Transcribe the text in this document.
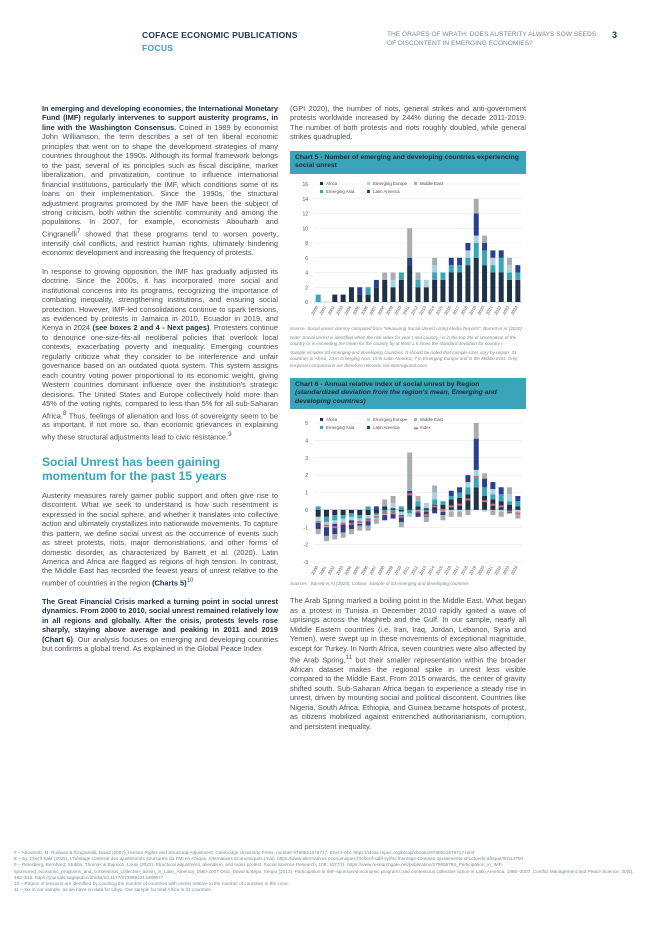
COFACE ECONOMIC PUBLICATIONS
FOCUS
THE GRAPES OF WRATH: DOES AUSTERITY ALWAYS SOW SEEDS OF DISCONTENT IN EMERGING ECONOMIES?
3

In emerging and developing economies, the International Monetary Fund (IMF) regularly intervenes to support austerity programs, in line with the Washington Consensus. Coined in 1989 by economist John Williamson, the term describes a set of ten liberal economic principles that went on to shape the development strategies of many countries throughout the 1990s. Although its formal framework belongs to the past, several of its principles such as fiscal discipline, market liberalization, and privatization, continue to influence international financial institutions, particularly the IMF, which conditions some of its loans on their implementation. Since the 1990s, the structural adjustment programs promoted by the IMF have been the subject of strong criticism, both within the scientific community and among the populations. In 2007, for example, economists Abouharb and Cingranelli$^7$ showed that these programs tend to worsen poverty, intensify civil conflicts, and restrict human rights, ultimately hindering economic development and increasing the frequency of protests.

In response to growing opposition, the IMF has gradually adjusted its doctrine. Since the 2000s, it has incorporated more social and institutional concerns into its programs, recognizing the importance of combating inequality, strengthening institutions, and ensuring social protection. However, IMF-led consolidations continue to spark tensions, as evidenced by protests in Jamaica in 2010, Ecuador in 2019, and Kenya in 2024 (see boxes 2 and 4 - Next pages). Protesters continue to denounce one-size-fits-all neoliberal policies that overlook local contexts, exacerbating poverty and inequality. Emerging countries regularly criticize what they consider to be interference and unfair governance based on an outdated quota system. This system assigns each country voting power proportional to its economic weight, giving Western countries dominant influence over the institution's strategic decisions. The United States and Europe collectively hold more than 45% of the voting rights, compared to less than 5% for all sub-Saharan Africa.$^8$ Thus, feelings of alienation and loss of sovereignty seem to be as important, if not more so, than economic grievances in explaining why these structural adjustments lead to civic resistance.$^9$

Social Unrest has been gaining momentum for the past 15 years

Austerity measures rarely garner public support and often give rise to discontent. What we seek to understand is how such resentment is expressed in the social sphere, and whether it translates into collective action and ultimately crystallizes into nationwide movements. To capture this pattern, we define social unrest as the occurrence of events such as street protests, riots, major demonstrations, and other forms of domestic disorder, as characterized by Barrett et al. (2020). Latin America and Africa are flagged as regions of high tension. In contrast, the Middle East has recorded the fewest years of unrest relative to the number of countries in the region (Charts 5)$^{10}$

The Great Financial Crisis marked a turning point in social unrest dynamics. From 2000 to 2010, social unrest remained relatively low in all regions and globally. After the crisis, protests levels rose sharply, staying above average and peaking in 2011 and 2019 (Chart 6). Our analysis focuses on emerging and developing countries but confirms a global trend. As explained in the Global Peace Index

(GPI 2020), the number of riots, general strikes and anti-government protests worldwide increased by 244% during the decade 2011-2019. The number of both protests and riots roughly doubled, while general strikes quadrupled.

Chart 5 - Number of emerging and developing countries experiencing social unrest
0
2
4
6
8
10
12
14
16
2000 2001 2002 2003 2004 2005 2006 2007 2008 2009 2010 2011 2012 2013 2014 2015 2016 2017 2018 2019 2020 2021 2022 2023 2024
Africa	Emerging Europe	Middle East
Emerging Asia	Latin America

Source: Social unrest dummy computed from "Measuring Social Unrest Using Media Reports", Barrett et Al (2020)

Note: Social unrest is identified when the risk index for year t and country i is in the top 2% of observation of the country or is exceeding the mean for the country by at least 1.5 times the standard deviation for country i.

Sample includes 83 emerging and developing countries. It should be noted that sample sizes vary by region: 31 countries in Africa, 23 in Emerging Asia, 15 in Latin America, 7 in Emerging Europe and in the Middle East. Only temporal comparisons are therefore relevant, not interregional ones.

Chart 6 - Annual relative index of social unrest by Region (standardized deviation from the region's mean, Emerging and developing countries)
-3
-2
-1
0
1
2
3
4
5
2000 2001 2002 2003 2004 2005 2006 2007 2008 2009 2010 2011 2012 2013 2014 2015 2016 2017 2018 2019 2020 2021 2022 2023 2024
Africa	Emerging Europe	Middle East
Emerging Asia	Latin America	Index

Sources : Barrett et Al (2020), Coface. Sample of 83 emerging and developing countries

The Arab Spring marked a boiling point in the Middle East. What began as a protest in Tunisia in December 2010 rapidly ignited a wave of uprisings across the Maghreb and the Gulf. In our sample, nearly all Middle Eastern countries (i.e. Iran, Iraq, Jordan, Lebanon, Syria and Yemen), were swept up in these movements of exceptional magnitude, except for Turkey. In North Africa, seven countries were also affected by the Arab Spring,$^{11}$ but their smaller representation within the broader African dataset makes the regional spike in unrest less visible compared to the Middle East. From 2015 onwards, the center of gravity shifted south. Sub-Saharan Africa began to experience a steady rise in unrest, driven by mounting social and political discontent. Countries like Nigeria, South Africa, Ethiopia, and Guinea became hotspots of protest, as citizens mobilized against entrenched authoritarianism, corruption, and persistent inequality.

7 – Abouharb, M. Rodwan & Cingranelli, David (2007), Human Rights and Structural Adjustment. Cambridge University Press. number 9780521676717, Enero-Abr. https://ideas.repec.org/b/cup/cbooks/9780521676717.html

8 – Sy, Cherif Salif (2025), L'héritage contesté des ajustements structurels du FMI en Afrique. Alternatives Économiques (mai). https://www.alternatives-economiques.fr/cherif-salif-sy/fmi-lheritage-conteste-ajustements-structurels-afrique/00114700

9 – Reinsberg, Bernhard; Stubbs, Thomas & Bujnoch, Louis (2023). Structural adjustment, alienation, and mass protest. Social Science Research, 109, 102731. https://www.researchgate.net/publication/279555784_Participation_in_IMF-sponsored_economic_programs_and_contentious_collective_action_in_Latin_America_1980-2007 Ortiz, David & Béjar, Sergio (2013). Participation in IMF-sponsored economic programs and contentious collective action in Latin America, 1980–2007. Conflict Management and Peace Science, 30(5), 492–515. https://journals.sagepub.com/doi/10.1177/0738894213499677

10 – Region of tensions are identified by counting the number of countries with unrest relative to the number of countries in the zone.

11 – Six in our sample, as we have no data for Libya. Our sample for total Africa is 31 countries.
